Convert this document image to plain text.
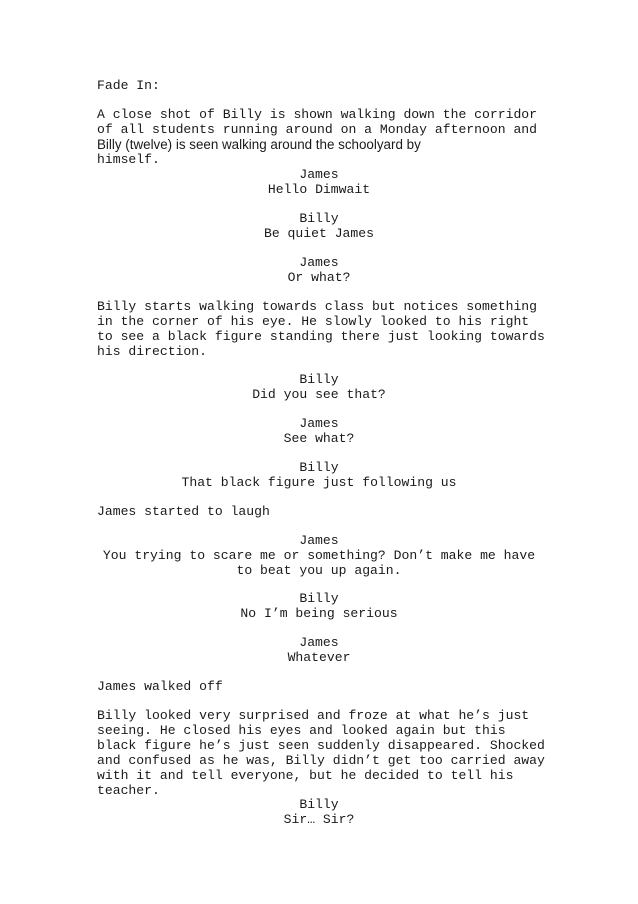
Fade In:
A close shot of Billy is shown walking down the corridor
of all students running around on a Monday afternoon and
Billy (twelve) is seen walking around the schoolyard by
himself.
James
Hello Dimwait
Billy
Be quiet James
James
Or what?
Billy starts walking towards class but notices something
in the corner of his eye. He slowly looked to his right
to see a black figure standing there just looking towards
his direction.
Billy
Did you see that?
James
See what?
Billy
That black figure just following us
James started to laugh
James
You trying to scare me or something? Don’t make me have
to beat you up again.
Billy
No I’m being serious
James
Whatever
James walked off
Billy looked very surprised and froze at what he’s just
seeing. He closed his eyes and looked again but this
black figure he’s just seen suddenly disappeared. Shocked
and confused as he was, Billy didn’t get too carried away
with it and tell everyone, but he decided to tell his
teacher.
Billy
Sir… Sir?
